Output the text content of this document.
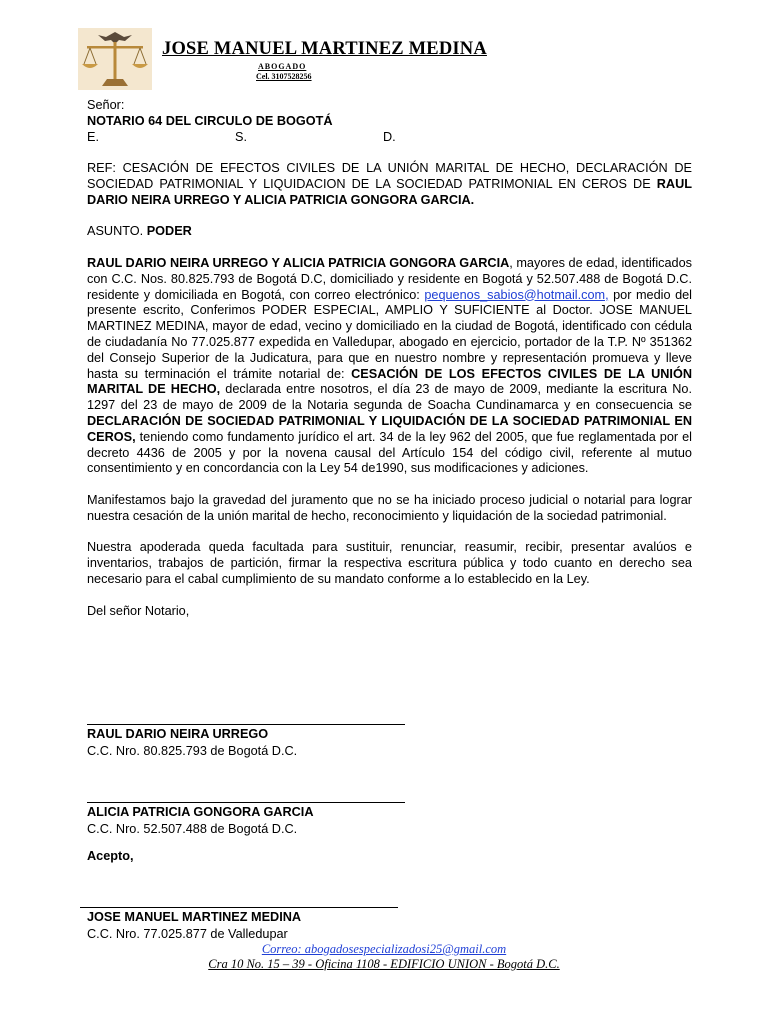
JOSE MANUEL MARTINEZ MEDINA
ABOGADO
Cel. 3107528256

Señor:

NOTARIO 64 DEL CIRCULO DE BOGOTÁ

E.	S.	D.

REF: CESACIÓN DE EFECTOS CIVILES DE LA UNIÓN MARITAL DE HECHO, DECLARACIÓN DE SOCIEDAD PATRIMONIAL Y LIQUIDACION DE LA SOCIEDAD PATRIMONIAL EN CEROS DE RAUL DARIO NEIRA URREGO Y ALICIA PATRICIA GONGORA GARCIA.

ASUNTO. PODER

RAUL DARIO NEIRA URREGO Y ALICIA PATRICIA GONGORA GARCIA, mayores de edad, identificados con C.C. Nos. 80.825.793 de Bogotá D.C, domiciliado y residente en Bogotá y 52.507.488 de Bogotá D.C. residente y domiciliada en Bogotá, con correo electrónico: pequenos_sabios@hotmail.com, por medio del presente escrito, Conferimos PODER ESPECIAL, AMPLIO Y SUFICIENTE al Doctor. JOSE MANUEL MARTINEZ MEDINA, mayor de edad, vecino y domiciliado en la ciudad de Bogotá, identificado con cédula de ciudadanía No 77.025.877 expedida en Valledupar, abogado en ejercicio, portador de la T.P. Nº 351362 del Consejo Superior de la Judicatura, para que en nuestro nombre y representación promueva y lleve hasta su terminación el trámite notarial de: CESACIÓN DE LOS EFECTOS CIVILES DE LA UNIÓN MARITAL DE HECHO, declarada entre nosotros, el día 23 de mayo de 2009, mediante la escritura No. 1297 del 23 de mayo de 2009 de la Notaria segunda de Soacha Cundinamarca y en consecuencia se DECLARACIÓN DE SOCIEDAD PATRIMONIAL Y LIQUIDACIÓN DE LA SOCIEDAD PATRIMONIAL EN CEROS, teniendo como fundamento jurídico el art. 34 de la ley 962 del 2005, que fue reglamentada por el decreto 4436 de 2005 y por la novena causal del Artículo 154 del código civil, referente al mutuo consentimiento y en concordancia con la Ley 54 de1990, sus modificaciones y adiciones.

Manifestamos bajo la gravedad del juramento que no se ha iniciado proceso judicial o notarial para lograr nuestra cesación de la unión marital de hecho, reconocimiento y liquidación de la sociedad patrimonial.

Nuestra apoderada queda facultada para sustituir, renunciar, reasumir, recibir, presentar avalúos e inventarios, trabajos de partición, firmar la respectiva escritura pública y todo cuanto en derecho sea necesario para el cabal cumplimiento de su mandato conforme a lo establecido en la Ley.

Del señor Notario,

RAUL DARIO NEIRA URREGO
C.C. Nro. 80.825.793 de Bogotá D.C.
ALICIA PATRICIA GONGORA GARCIA
C.C. Nro. 52.507.488 de Bogotá D.C.
Acepto,
JOSE MANUEL MARTINEZ MEDINA
C.C. Nro. 77.025.877 de Valledupar
Correo: abogadosespecializadosi25@gmail.com
Cra 10 No. 15 – 39 - Oficina 1108 - EDIFICIO UNION - Bogotá D.C.
